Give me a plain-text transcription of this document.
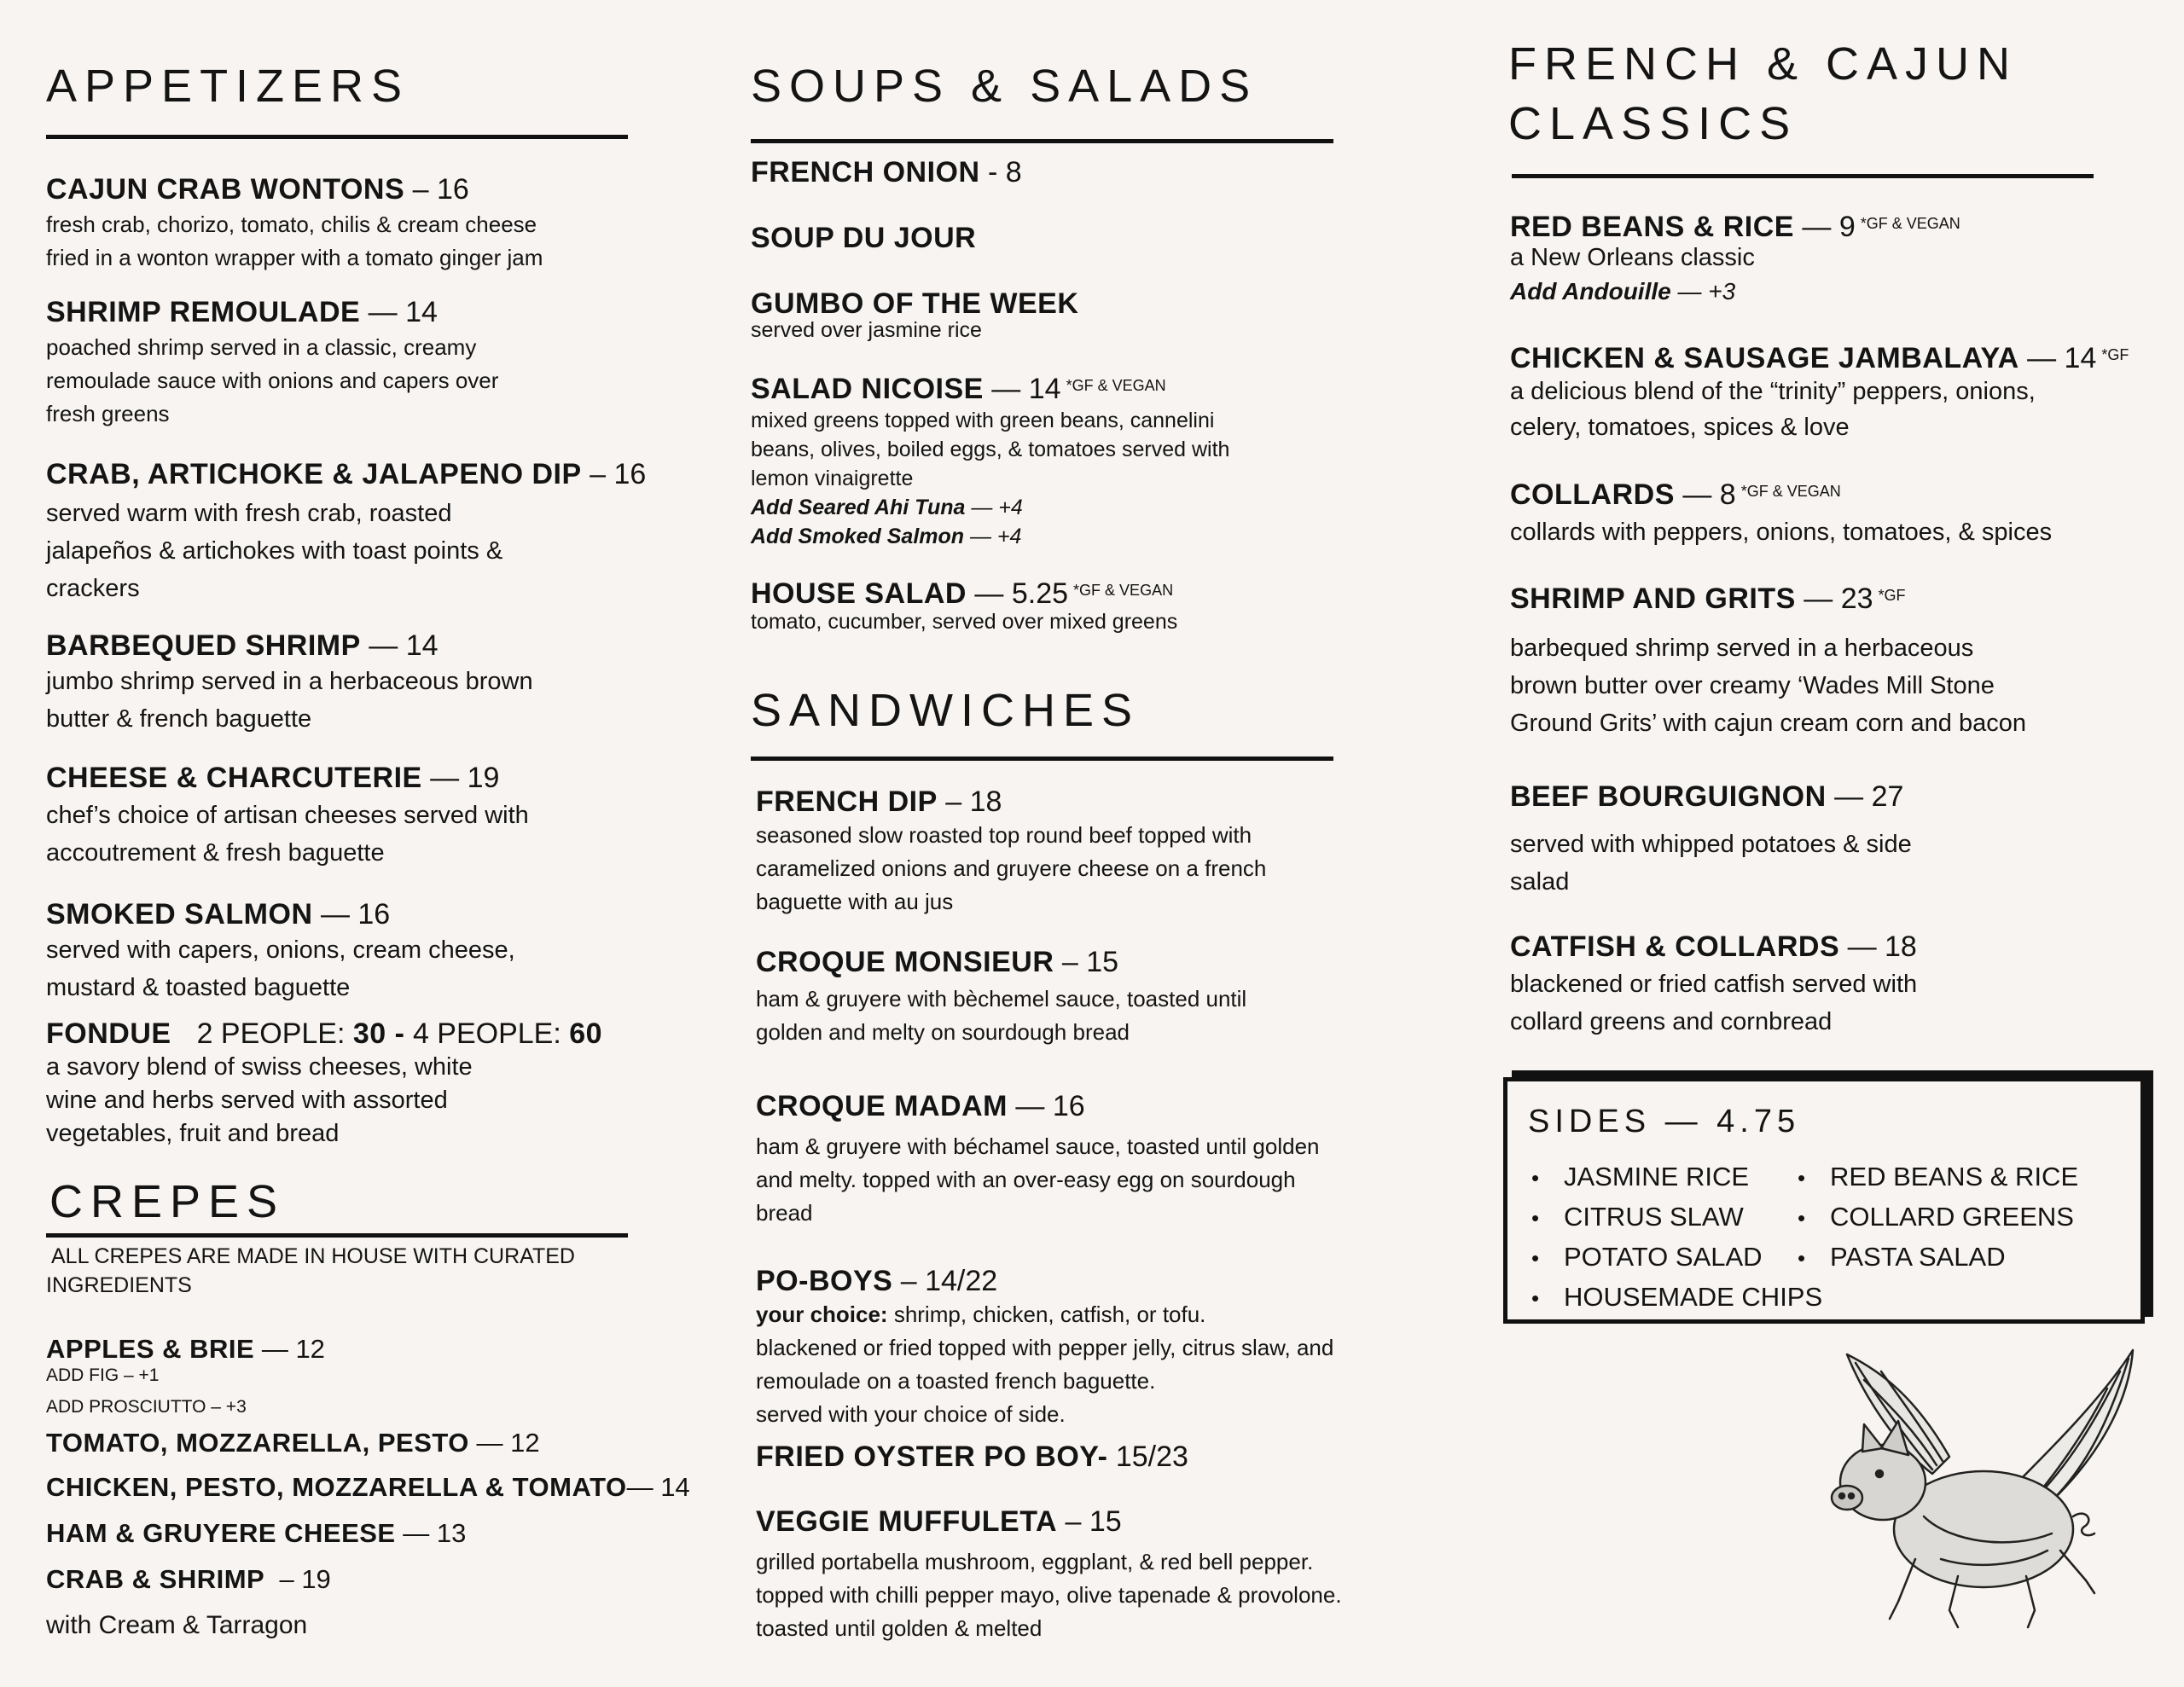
APPETIZERS
CAJUN CRAB WONTONS – 16
fresh crab, chorizo, tomato, chilis & cream cheese
fried in a wonton wrapper with a tomato ginger jam
SHRIMP REMOULADE — 14
poached shrimp served in a classic, creamy
remoulade sauce with onions and capers over
fresh greens
CRAB, ARTICHOKE & JALAPENO DIP – 16
served warm with fresh crab, roasted
jalapeños & artichokes with toast points &
crackers
BARBEQUED SHRIMP — 14
jumbo shrimp served in a herbaceous brown
butter & french baguette
CHEESE & CHARCUTERIE — 19
chef’s choice of artisan cheeses served with
accoutrement & fresh baguette
SMOKED SALMON — 16
served with capers, onions, cream cheese,
mustard & toasted baguette
FONDUE 2 PEOPLE: 30 - 4 PEOPLE: 60
a savory blend of swiss cheeses, white
wine and herbs served with assorted
vegetables, fruit and bread
CREPES
ALL CREPES ARE MADE IN HOUSE WITH CURATED
INGREDIENTS
APPLES & BRIE — 12
ADD FIG – +1
ADD PROSCIUTTO – +3
TOMATO, MOZZARELLA, PESTO — 12
CHICKEN, PESTO, MOZZARELLA & TOMATO— 14
HAM & GRUYERE CHEESE — 13
CRAB & SHRIMP  – 19
with Cream & Tarragon
SOUPS & SALADS
FRENCH ONION - 8
SOUP DU JOUR
GUMBO OF THE WEEK
served over jasmine rice
SALAD NICOISE — 14 $^{*GF \& VEGAN}$
mixed greens topped with green beans, cannelini
beans, olives, boiled eggs, & tomatoes served with
lemon vinaigrette
Add Seared Ahi Tuna — +4
Add Smoked Salmon — +4
HOUSE SALAD — 5.25 $^{*GF \& VEGAN}$
tomato, cucumber, served over mixed greens
SANDWICHES
FRENCH DIP – 18
seasoned slow roasted top round beef topped with
caramelized onions and gruyere cheese on a french
baguette with au jus
CROQUE MONSIEUR – 15
ham & gruyere with bèchemel sauce, toasted until
golden and melty on sourdough bread
CROQUE MADAM — 16
ham & gruyere with béchamel sauce, toasted until golden
and melty. topped with an over-easy egg on sourdough
bread
PO-BOYS – 14/22
your choice: shrimp, chicken, catfish, or tofu.
blackened or fried topped with pepper jelly, citrus slaw, and
remoulade on a toasted french baguette.
served with your choice of side.
FRIED OYSTER PO BOY- 15/23
VEGGIE MUFFULETA – 15
grilled portabella mushroom, eggplant, & red bell pepper.
topped with chilli pepper mayo, olive tapenade & provolone.
toasted until golden & melted
FRENCH & CAJUN
CLASSICS
RED BEANS & RICE — 9 $^{*GF \& VEGAN}$
a New Orleans classic
Add Andouille — +3
CHICKEN & SAUSAGE JAMBALAYA — 14 $^{*GF}$
a delicious blend of the “trinity” peppers, onions,
celery, tomatoes, spices & love
COLLARDS — 8 $^{*GF \& VEGAN}$
collards with peppers, onions, tomatoes, & spices
SHRIMP AND GRITS — 23 $^{*GF}$
barbequed shrimp served in a herbaceous
brown butter over creamy ‘Wades Mill Stone
Ground Grits’ with cajun cream corn and bacon
BEEF BOURGUIGNON — 27
served with whipped potatoes & side
salad
CATFISH & COLLARDS — 18
blackened or fried catfish served with
collard greens and cornbread
SIDES — 4.75
• JASMINE RICE
• CITRUS SLAW
• POTATO SALAD
• HOUSEMADE CHIPS
• RED BEANS & RICE
• COLLARD GREENS
• PASTA SALAD
